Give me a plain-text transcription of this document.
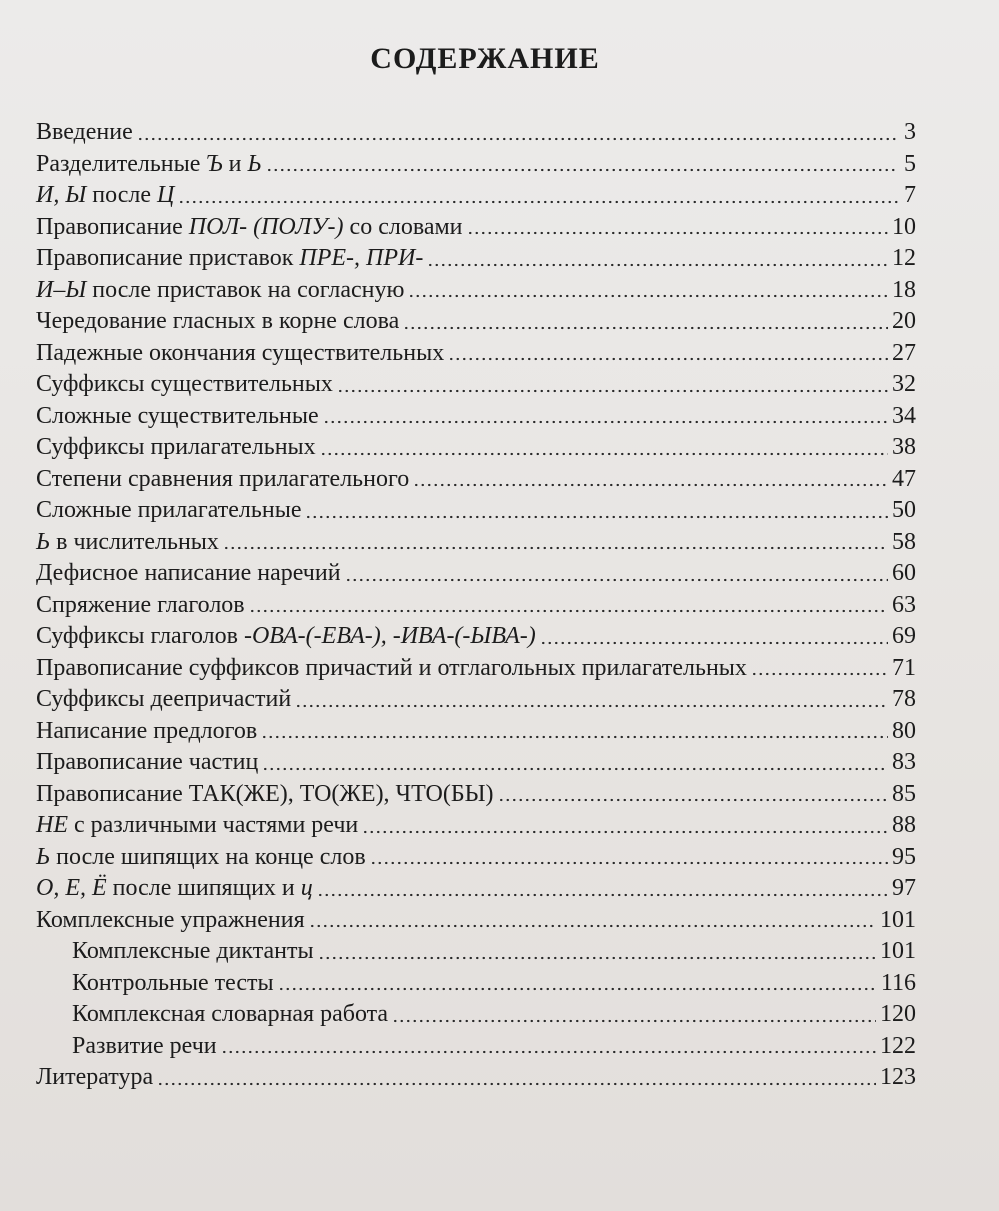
СОДЕРЖАНИЕ
Введение	3
Разделительные Ъ и Ь	5
И, Ы после Ц	7
Правописание ПОЛ- (ПОЛУ-) со словами	10
Правописание приставок ПРЕ-, ПРИ-	12
И–Ы после приставок на согласную	18
Чередование гласных в корне слова	20
Падежные окончания существительных	27
Суффиксы существительных	32
Сложные существительные	34
Суффиксы прилагательных	38
Степени сравнения прилагательного	47
Сложные прилагательные	50
Ь в числительных	58
Дефисное написание наречий	60
Спряжение глаголов	63
Суффиксы глаголов -ОВА-(-ЕВА-), -ИВА-(-ЫВА-)	69
Правописание суффиксов причастий и отглагольных прилагательных	71
Суффиксы деепричастий	78
Написание предлогов	80
Правописание частиц	83
Правописание ТАК(ЖЕ), ТО(ЖЕ), ЧТО(БЫ)	85
НЕ с различными частями речи	88
Ь после шипящих на конце слов	95
О, Е, Ё после шипящих и ц	97
Комплексные упражнения	101
Комплексные диктанты	101
Контрольные тесты	116
Комплексная словарная работа	120
Развитие речи	122
Литература	123
